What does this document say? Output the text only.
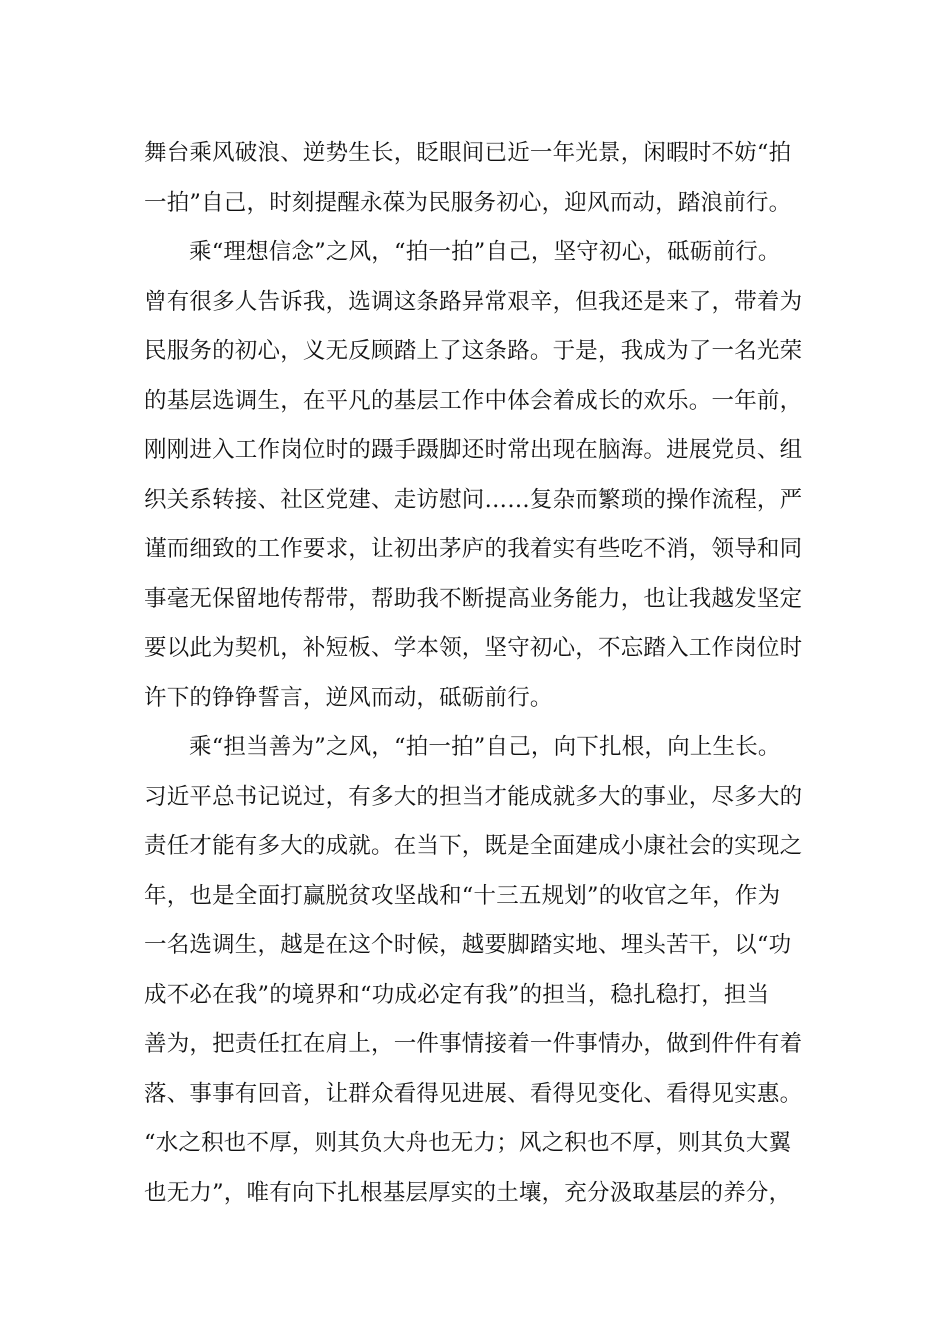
舞台乘风破浪、逆势生长，眨眼间已近一年光景，闲暇时不妨“拍
一拍”自己，时刻提醒永葆为民服务初心，迎风而动，踏浪前行。
乘“理想信念”之风，“拍一拍”自己，坚守初心，砥砺前行。
曾有很多人告诉我，选调这条路异常艰辛，但我还是来了，带着为
民服务的初心，义无反顾踏上了这条路。于是，我成为了一名光荣
的基层选调生，在平凡的基层工作中体会着成长的欢乐。一年前，
刚刚进入工作岗位时的蹑手蹑脚还时常出现在脑海。进展党员、组
织关系转接、社区党建、走访慰问……复杂而繁琐的操作流程，严
谨而细致的工作要求，让初出茅庐的我着实有些吃不消，领导和同
事毫无保留地传帮带，帮助我不断提高业务能力，也让我越发坚定
要以此为契机，补短板、学本领，坚守初心，不忘踏入工作岗位时
许下的铮铮誓言，逆风而动，砥砺前行。
乘“担当善为”之风，“拍一拍”自己，向下扎根，向上生长。
习近平总书记说过，有多大的担当才能成就多大的事业，尽多大的
责任才能有多大的成就。在当下，既是全面建成小康社会的实现之
年，也是全面打赢脱贫攻坚战和“十三五规划”的收官之年，作为
一名选调生，越是在这个时候，越要脚踏实地、埋头苦干，以“功
成不必在我”的境界和“功成必定有我”的担当，稳扎稳打，担当
善为，把责任扛在肩上，一件事情接着一件事情办，做到件件有着
落、事事有回音，让群众看得见进展、看得见变化、看得见实惠。
“水之积也不厚，则其负大舟也无力；风之积也不厚，则其负大翼
也无力”，唯有向下扎根基层厚实的土壤，充分汲取基层的养分，
